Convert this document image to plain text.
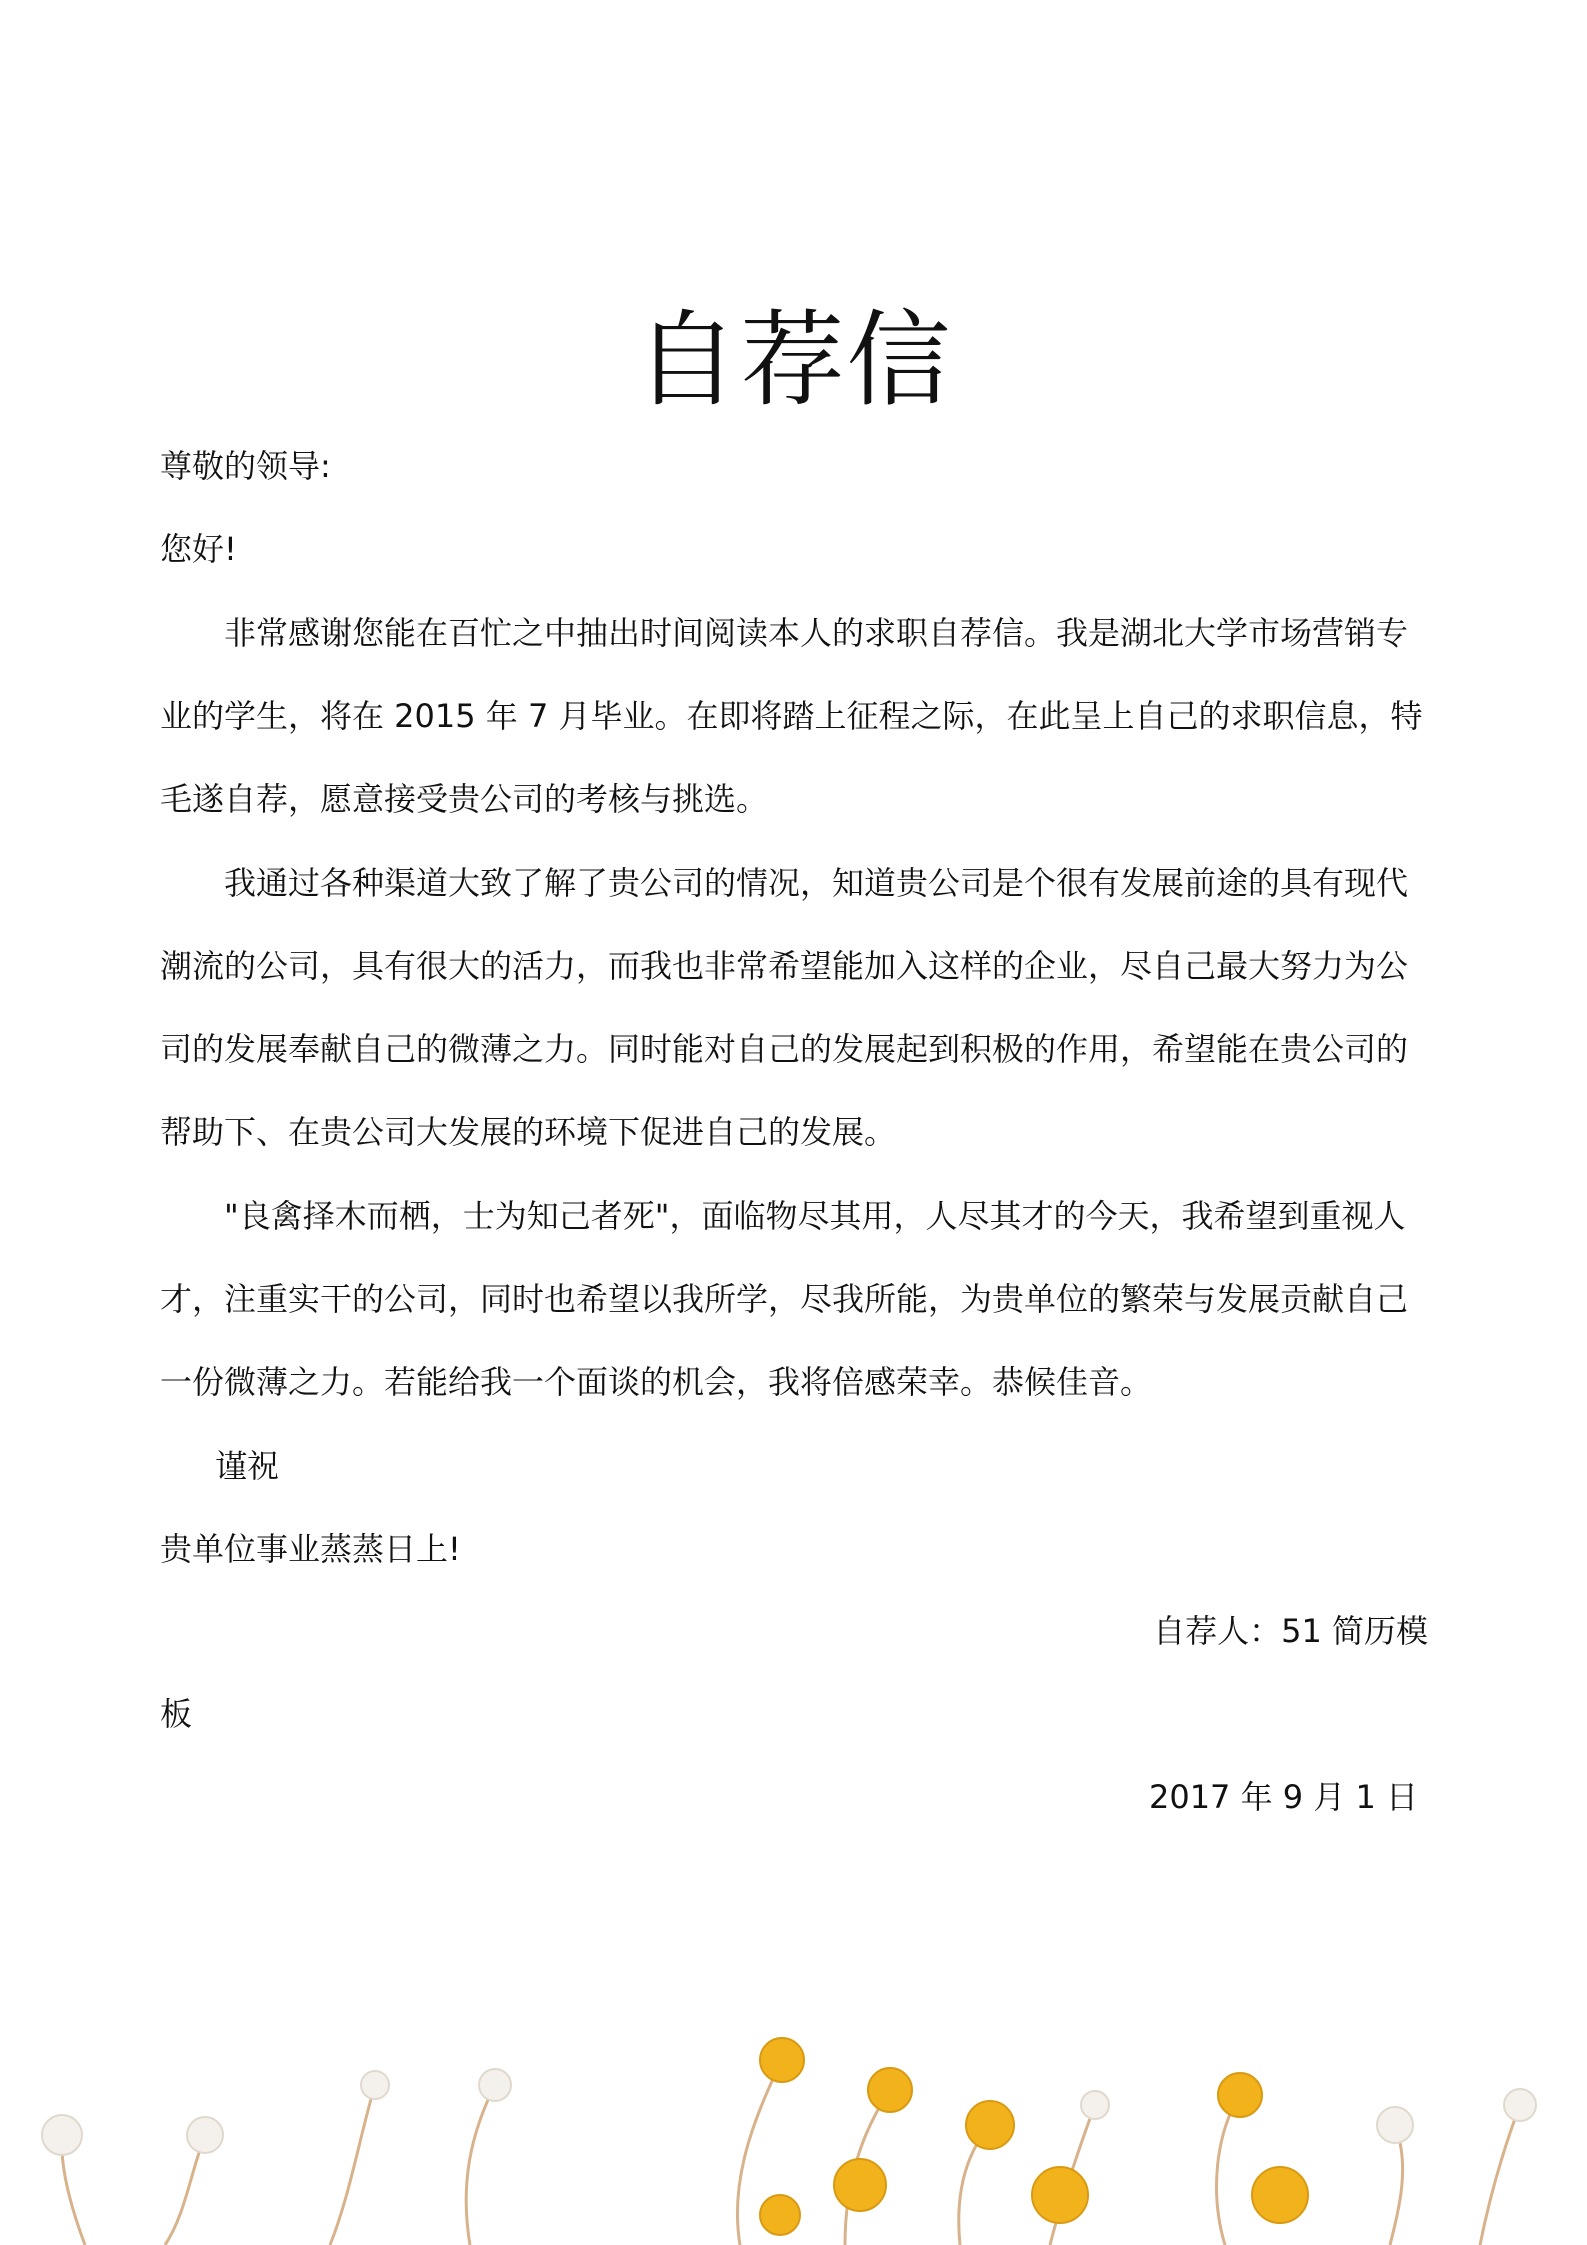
自荐信
尊敬的领导:
您好!
非常感谢您能在百忙之中抽出时间阅读本人的求职自荐信。我是湖北大学市场营销专业的学生，将在 2015 年 7 月毕业。在即将踏上征程之际，在此呈上自己的求职信息，特毛遂自荐，愿意接受贵公司的考核与挑选。
我通过各种渠道大致了解了贵公司的情况，知道贵公司是个很有发展前途的具有现代潮流的公司，具有很大的活力，而我也非常希望能加入这样的企业，尽自己最大努力为公司的发展奉献自己的微薄之力。同时能对自己的发展起到积极的作用，希望能在贵公司的帮助下、在贵公司大发展的环境下促进自己的发展。
"良禽择木而栖，士为知己者死"，面临物尽其用，人尽其才的今天，我希望到重视人才，注重实干的公司，同时也希望以我所学，尽我所能，为贵单位的繁荣与发展贡献自己一份微薄之力。若能给我一个面谈的机会，我将倍感荣幸。恭候佳音。
谨祝
贵单位事业蒸蒸日上!
自荐人：51 简历模
板
2017 年 9 月 1 日
